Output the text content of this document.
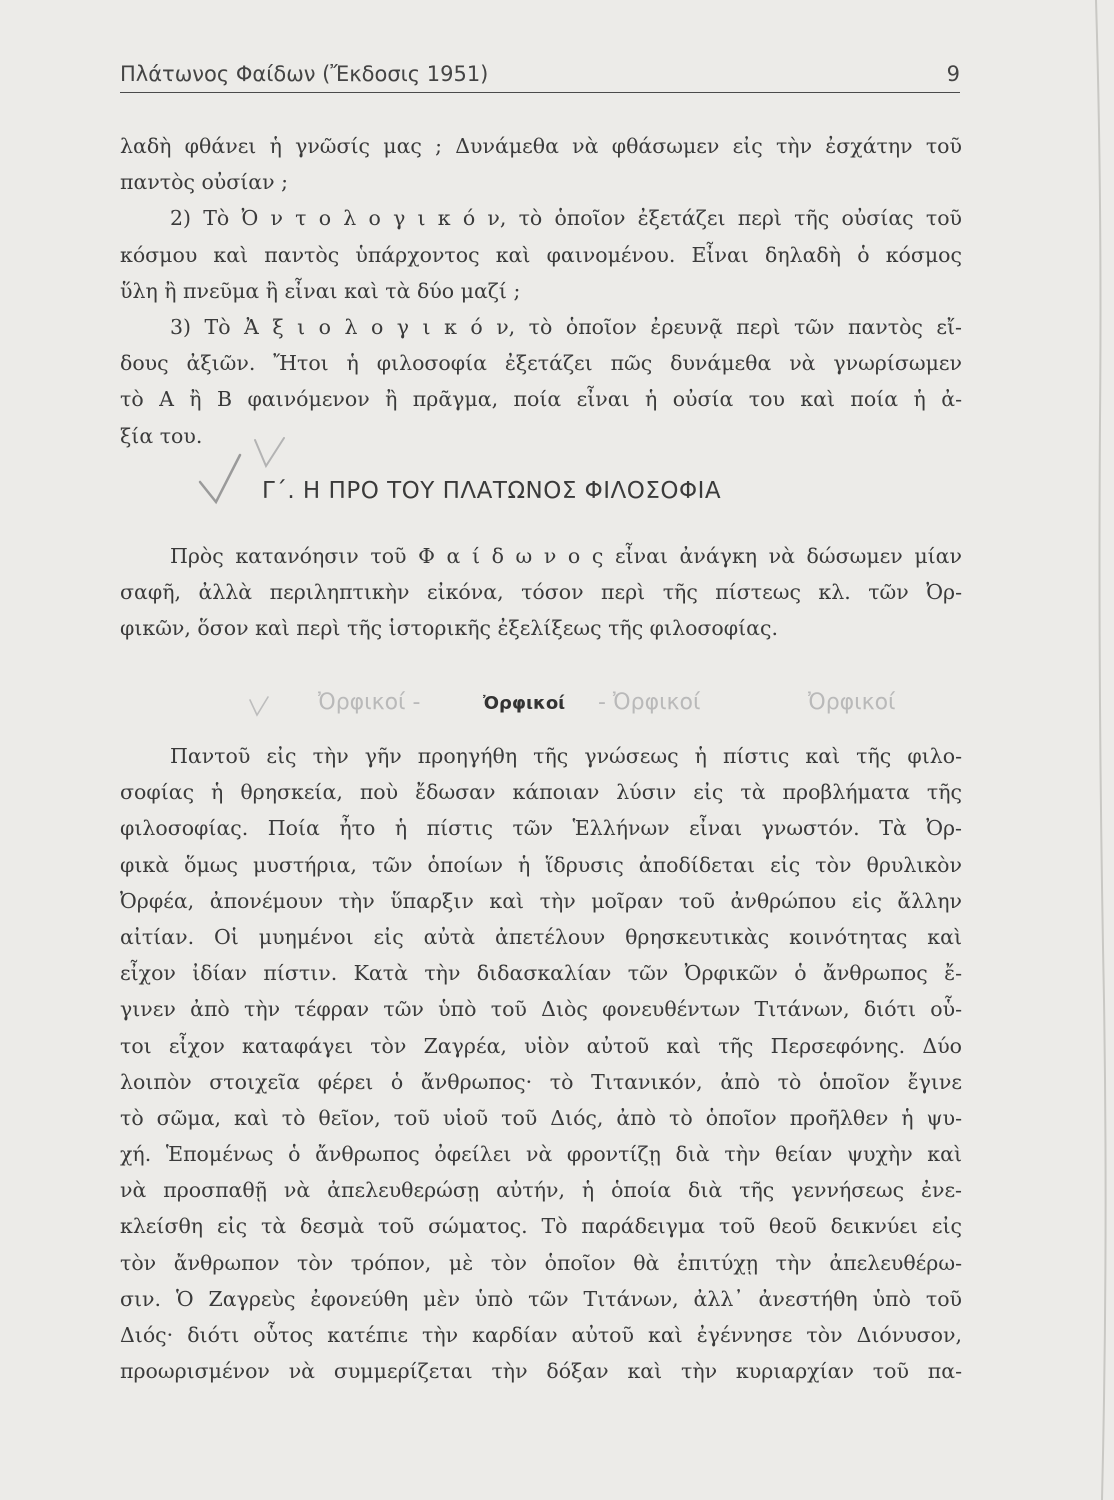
Πλάτωνος Φαίδων (Ἔκδοσις 1951)	9
λαδὴ φθάνει ἡ γνῶσίς μας ; Δυνάμεθα νὰ φθάσωμεν εἰς τὴν ἐσχάτην τοῦ
παντὸς οὐσίαν ;
2) Τὸ Ὀ ν τ ο λ ο γ ι κ ό ν, τὸ ὁποῖον ἐξετάζει περὶ τῆς οὐσίας τοῦ
κόσμου καὶ παντὸς ὑπάρχοντος καὶ φαινομένου. Εἶναι δηλαδὴ ὁ κόσμος
ὕλη ἢ πνεῦμα ἢ εἶναι καὶ τὰ δύο μαζί ;
3) Τὸ Ἀ ξ ι ο λ ο γ ι κ ό ν, τὸ ὁποῖον ἐρευνᾷ περὶ τῶν παντὸς εἴ-
δους ἀξιῶν. Ἤτοι ἡ φιλοσοφία ἐξετάζει πῶς δυνάμεθα νὰ γνωρίσωμεν
τὸ Α ἢ Β φαινόμενον ἢ πρᾶγμα, ποία εἶναι ἡ οὐσία του καὶ ποία ἡ ἀ-
ξία του.
Γ΄. Η ΠΡΟ ΤΟΥ ΠΛΑΤΩΝΟΣ ΦΙΛΟΣΟΦΙΑ
Πρὸς κατανόησιν τοῦ Φ α ί δ ω ν ο ς εἶναι ἀνάγκη νὰ δώσωμεν μίαν
σαφῆ, ἀλλὰ περιληπτικὴν εἰκόνα, τόσον περὶ τῆς πίστεως κλ. τῶν Ὀρ-
φικῶν, ὅσον καὶ περὶ τῆς ἱστορικῆς ἐξελίξεως τῆς φιλοσοφίας.
Ὀρφικοί -	Ὀρφικοί - Ὀρφικοί	Ὀρφικοί
Παντοῦ εἰς τὴν γῆν προηγήθη τῆς γνώσεως ἡ πίστις καὶ τῆς φιλο-
σοφίας ἡ θρησκεία, ποὺ ἔδωσαν κάποιαν λύσιν εἰς τὰ προβλήματα τῆς
φιλοσοφίας. Ποία ἦτο ἡ πίστις τῶν Ἑλλήνων εἶναι γνωστόν. Τὰ Ὀρ-
φικὰ ὅμως μυστήρια, τῶν ὁποίων ἡ ἵδρυσις ἀποδίδεται εἰς τὸν θρυλικὸν
Ὀρφέα, ἀπονέμουν τὴν ὕπαρξιν καὶ τὴν μοῖραν τοῦ ἀνθρώπου εἰς ἄλλην
αἰτίαν. Οἱ μυημένοι εἰς αὐτὰ ἀπετέλουν θρησκευτικὰς κοινότητας καὶ
εἶχον ἰδίαν πίστιν. Κατὰ τὴν διδασκαλίαν τῶν Ὀρφικῶν ὁ ἄνθρωπος ἔ-
γινεν ἀπὸ τὴν τέφραν τῶν ὑπὸ τοῦ Διὸς φονευθέντων Τιτάνων, διότι οὗ-
τοι εἶχον καταφάγει τὸν Ζαγρέα, υἱὸν αὐτοῦ καὶ τῆς Περσεφόνης. Δύο
λοιπὸν στοιχεῖα φέρει ὁ ἄνθρωπος· τὸ Τιτανικόν, ἀπὸ τὸ ὁποῖον ἔγινε
τὸ σῶμα, καὶ τὸ θεῖον, τοῦ υἱοῦ τοῦ Διός, ἀπὸ τὸ ὁποῖον προῆλθεν ἡ ψυ-
χή. Ἑπομένως ὁ ἄνθρωπος ὀφείλει νὰ φροντίζῃ διὰ τὴν θείαν ψυχὴν καὶ
νὰ προσπαθῇ νὰ ἀπελευθερώσῃ αὐτήν, ἡ ὁποία διὰ τῆς γεννήσεως ἐνε-
κλείσθη εἰς τὰ δεσμὰ τοῦ σώματος. Τὸ παράδειγμα τοῦ θεοῦ δεικνύει εἰς
τὸν ἄνθρωπον τὸν τρόπον, μὲ τὸν ὁποῖον θὰ ἐπιτύχῃ τὴν ἀπελευθέρω-
σιν. Ὁ Ζαγρεὺς ἐφονεύθη μὲν ὑπὸ τῶν Τιτάνων, ἀλλ᾽ ἀνεστήθη ὑπὸ τοῦ
Διός· διότι οὗτος κατέπιε τὴν καρδίαν αὐτοῦ καὶ ἐγέννησε τὸν Διόνυσον,
προωρισμένον νὰ συμμερίζεται τὴν δόξαν καὶ τὴν κυριαρχίαν τοῦ πα-
